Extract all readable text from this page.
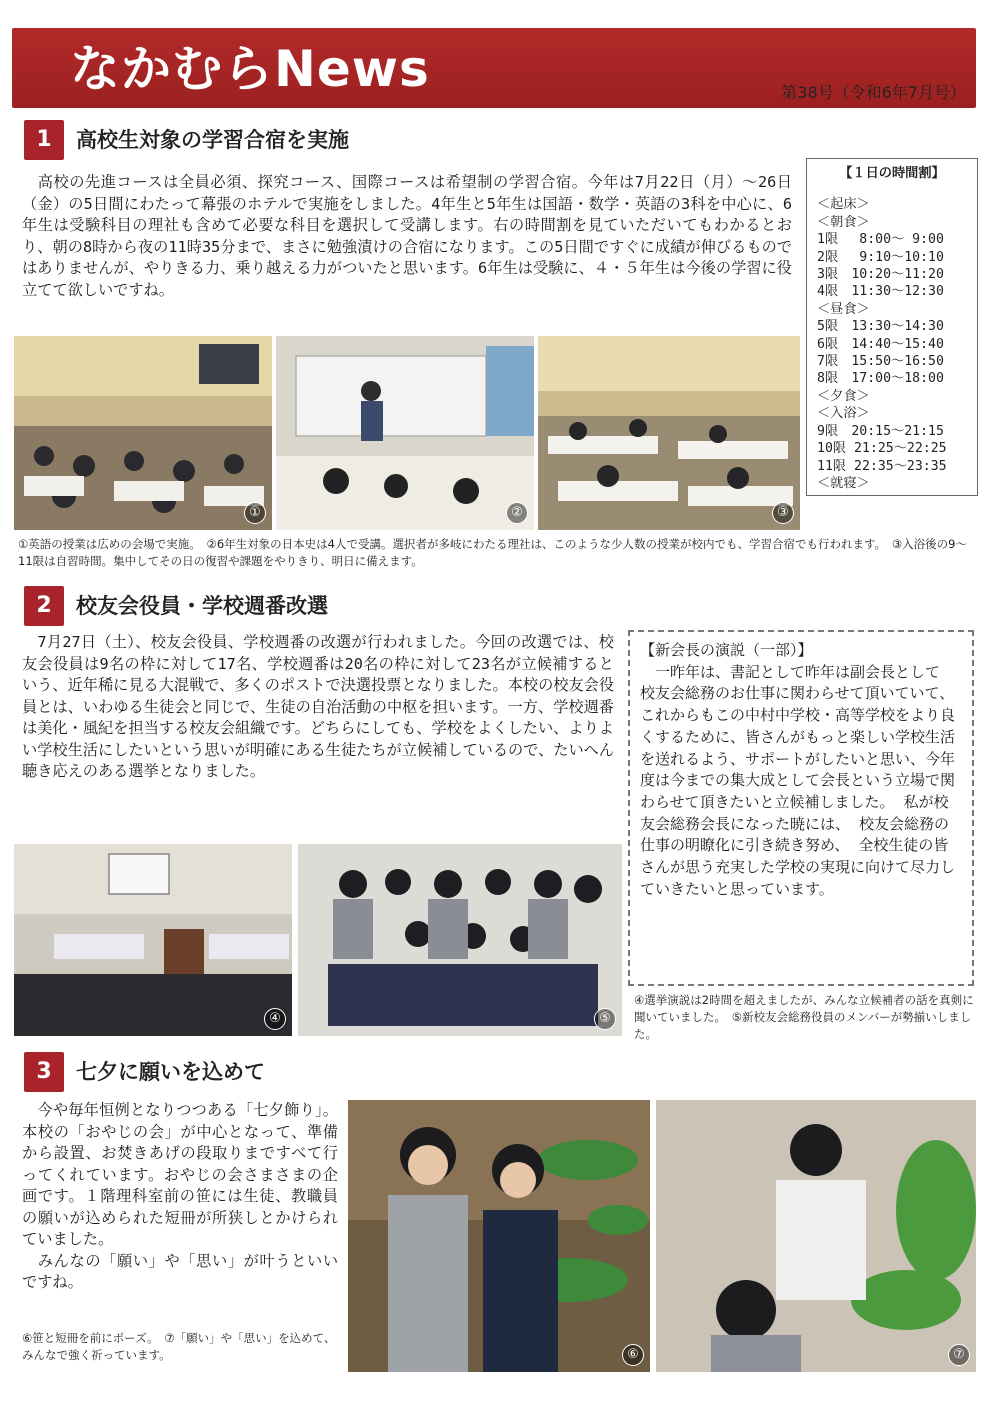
なかむらNews	第38号（令和6年7月号）
1	高校生対象の学習合宿を実施
　高校の先進コースは全員必須、探究コース、国際コースは希望制の学習合宿。今年は7月22日（月）～26日（金）の5日間にわたって幕張のホテルで実施をしました。4年生と5年生は国語・数学・英語の3科を中心に、6年生は受験科目の理社も含めて必要な科目を選択して受講します。右の時間割を見ていただいてもわかるとおり、朝の8時から夜の11時35分まで、まさに勉強漬けの合宿になります。この5日間ですぐに成績が伸びるものではありませんが、やりきる力、乗り越える力がついたと思います。6年生は受験に、４・５年生は今後の学習に役立てて欲しいですね。
【１日の時間割】
＜起床＞
＜朝食＞
1限　 8:00～ 9:00
2限　 9:10～10:10
3限　10:20～11:20
4限　11:30～12:30
＜昼食＞
5限　13:30～14:30
6限　14:40～15:40
7限　15:50～16:50
8限　17:00～18:00
＜夕食＞
＜入浴＞
9限　20:15～21:15
10限 21:25～22:25
11限 22:35～23:35
＜就寝＞
①	②	③
①英語の授業は広めの会場で実施。　②6年生対象の日本史は4人で受講。選択者が多岐にわたる理社は、このような少人数の授業が校内でも、学習合宿でも行われます。　③入浴後の9～11限は自習時間。集中してその日の復習や課題をやりきり、明日に備えます。
2	校友会役員・学校週番改選
　7月27日（土）、校友会役員、学校週番の改選が行われました。今回の改選では、校友会役員は9名の枠に対して17名、学校週番は20名の枠に対して23名が立候補するという、近年稀に見る大混戦で、多くのポストで決選投票となりました。本校の校友会役員とは、いわゆる生徒会と同じで、生徒の自治活動の中枢を担います。一方、学校週番は美化・風紀を担当する校友会組織です。どちらにしても、学校をよくしたい、よりよい学校生活にしたいという思いが明確にある生徒たちが立候補しているので、たいへん聴き応えのある選挙となりました。
【新会長の演説（一部）】
　一昨年は、書記として昨年は副会長として 校友会総務のお仕事に関わらせて頂いていて、 これからもこの中村中学校・高等学校をより良くするために、皆さんがもっと楽しい学校生活を送れるよう、サポートがしたいと思い、今年度は今までの集大成として会長という立場で関わらせて頂きたいと立候補しました。 私が校友会総務会長になった暁には、 校友会総務の仕事の明瞭化に引き続き努め、 全校生徒の皆さんが思う充実した学校の実現に向けて尽力していきたいと思っています。
④	⑤
④選挙演説は2時間を超えましたが、みんな立候補者の話を真剣に聞いていました。　⑤新校友会総務役員のメンバーが勢揃いしました。
3	七夕に願いを込めて
　今や毎年恒例となりつつある「七夕飾り」。本校の「おやじの会」が中心となって、準備から設置、お焚きあげの段取りまですべて行ってくれています。おやじの会さまさまの企画です。１階理科室前の笹には生徒、教職員の願いが込められた短冊が所狭しとかけられていました。
　みんなの「願い」や「思い」が叶うといいですね。
⑥笹と短冊を前にポーズ。　⑦「願い」や「思い」を込めて、みんなで強く祈っています。	⑥	⑦
